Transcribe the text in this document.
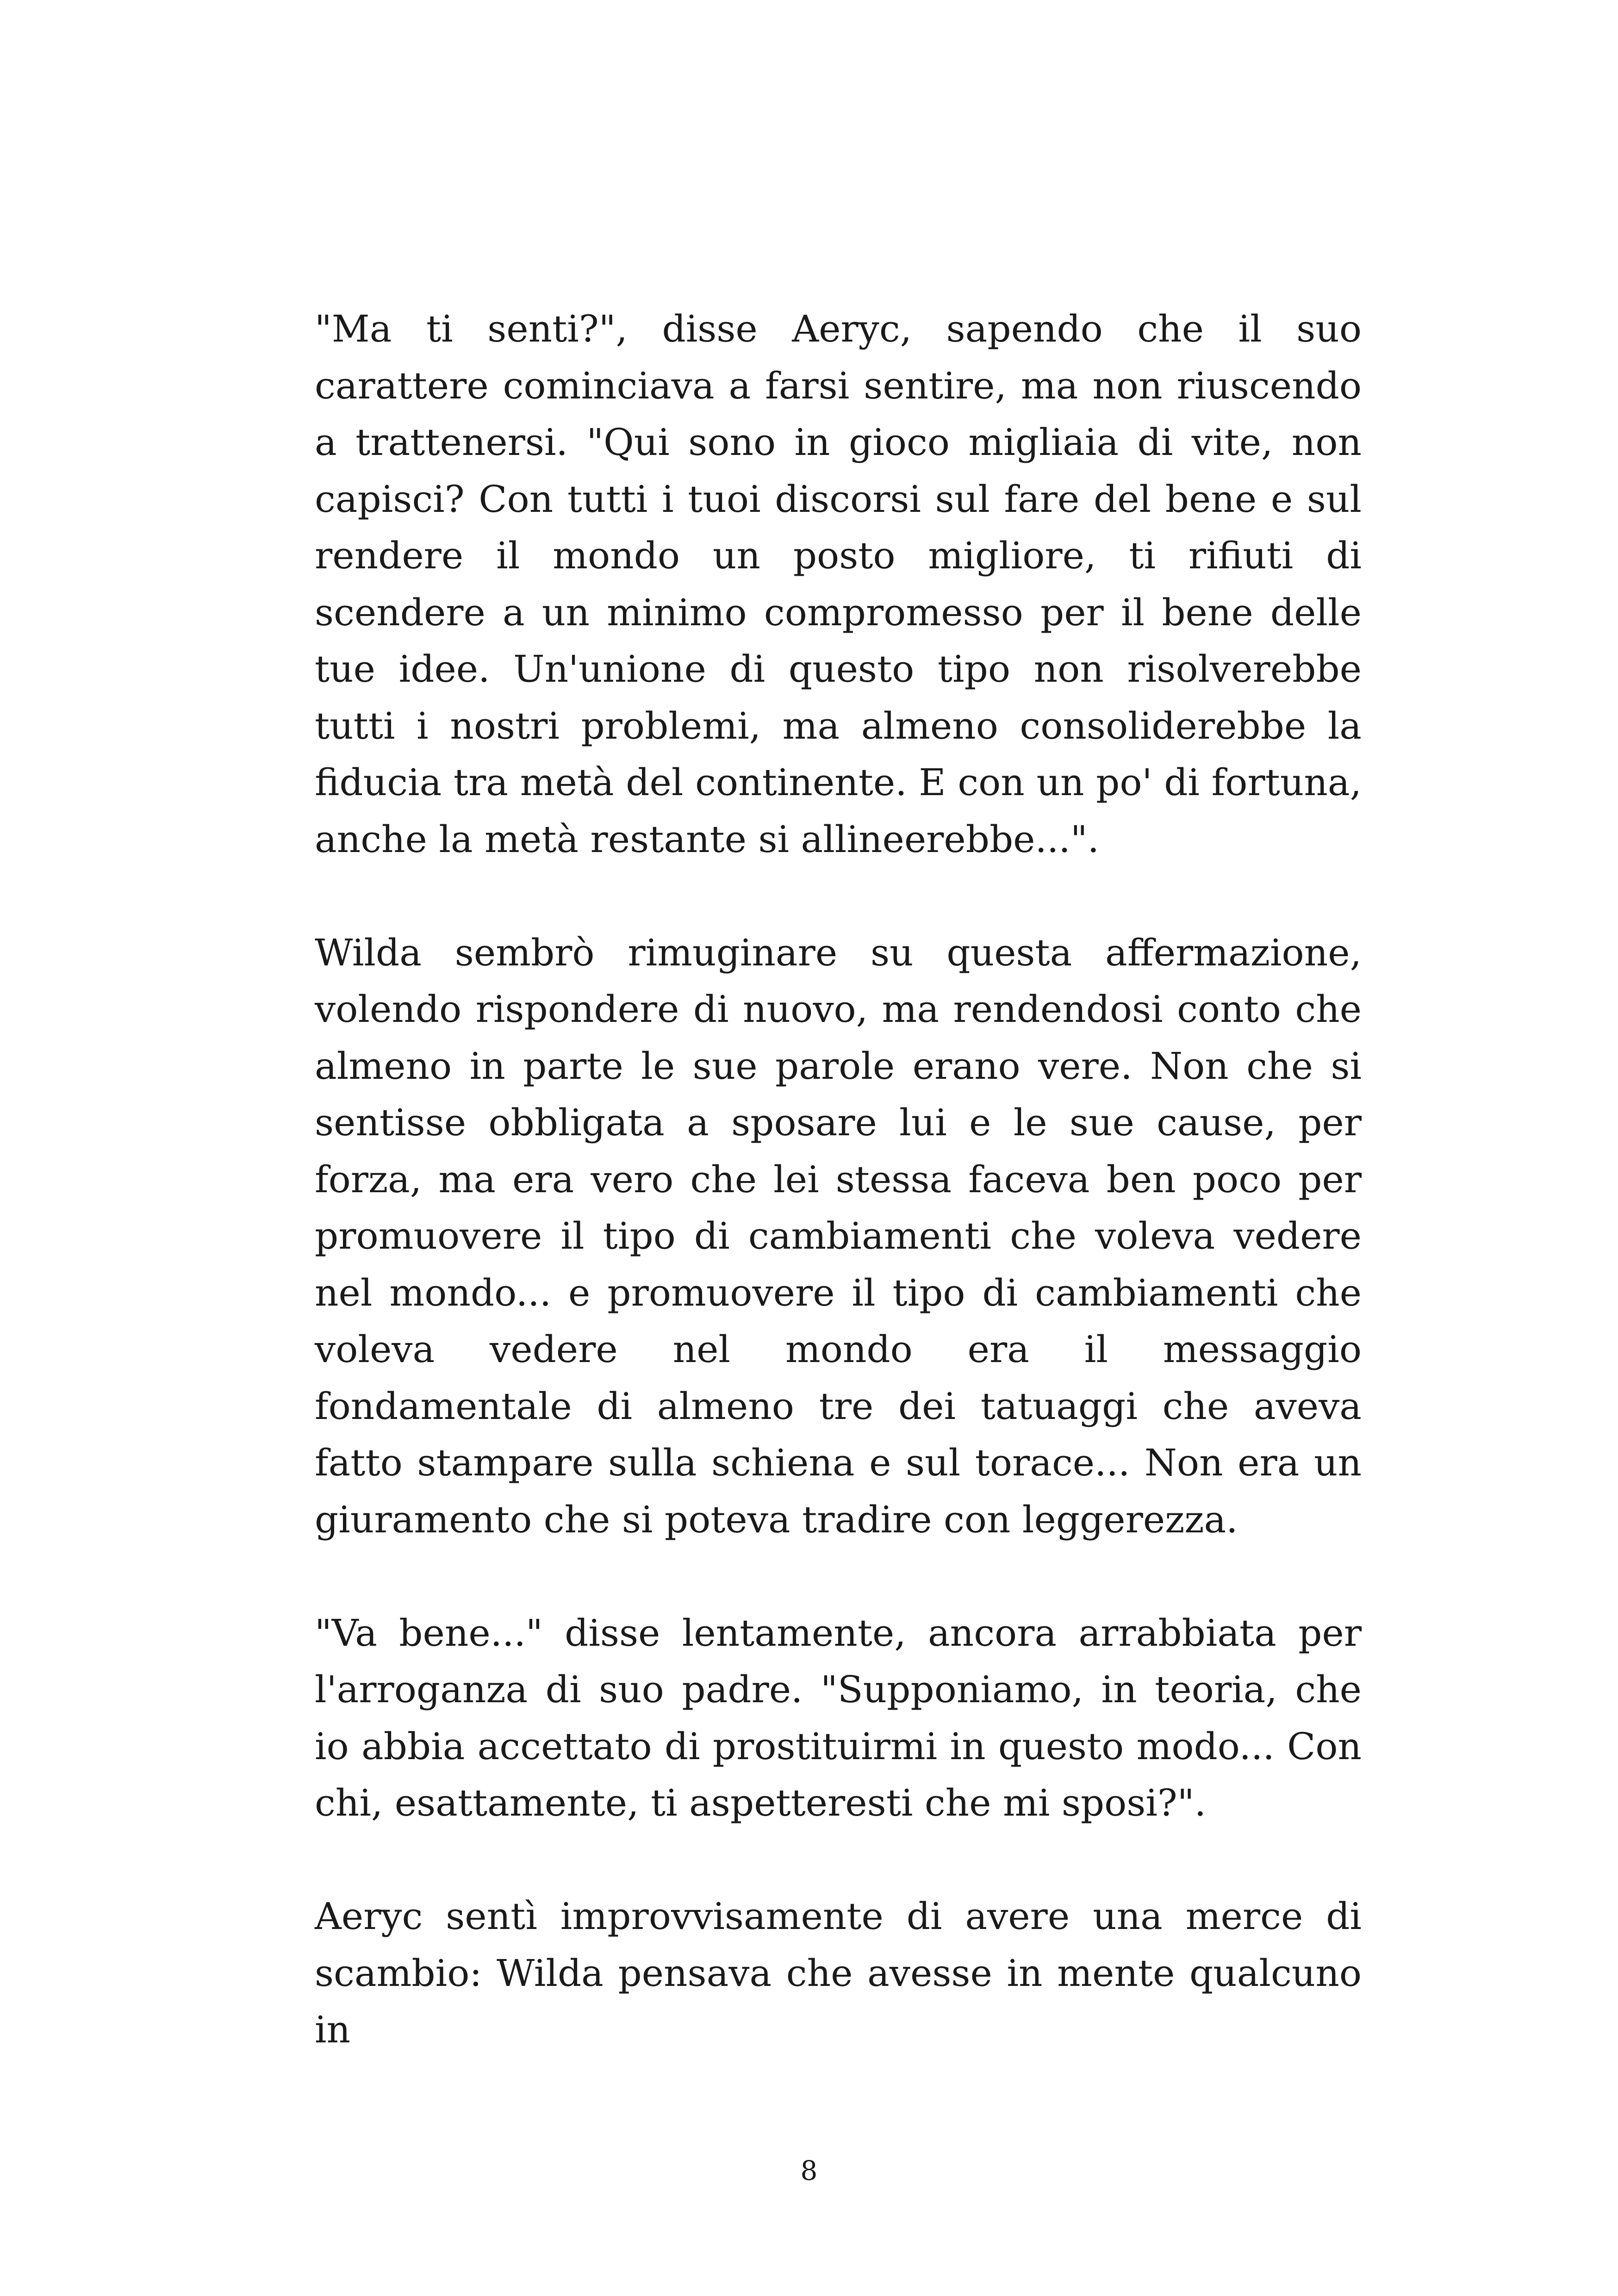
"Ma ti senti?", disse Aeryc, sapendo che il suo carattere cominciava a farsi sentire, ma non riuscendo a trattenersi. "Qui sono in gioco migliaia di vite, non capisci? Con tutti i tuoi discorsi sul fare del bene e sul rendere il mondo un posto migliore, ti rifiuti di scendere a un minimo compromesso per il bene delle tue idee. Un'unione di questo tipo non risolverebbe tutti i nostri problemi, ma almeno consoliderebbe la fiducia tra metà del continente. E con un po' di fortuna, anche la metà restante si allineerebbe...".

Wilda sembrò rimuginare su questa affermazione, volendo rispondere di nuovo, ma rendendosi conto che almeno in parte le sue parole erano vere. Non che si sentisse obbligata a sposare lui e le sue cause, per forza, ma era vero che lei stessa faceva ben poco per promuovere il tipo di cambiamenti che voleva vedere nel mondo... e promuovere il tipo di cambiamenti che voleva vedere nel mondo era il messaggio fondamentale di almeno tre dei tatuaggi che aveva fatto stampare sulla schiena e sul torace... Non era un giuramento che si poteva tradire con leggerezza.

"Va bene..." disse lentamente, ancora arrabbiata per l'arroganza di suo padre. "Supponiamo, in teoria, che io abbia accettato di prostituirmi in questo modo... Con chi, esattamente, ti aspetteresti che mi sposi?".

Aeryc sentì improvvisamente di avere una merce di scambio: Wilda pensava che avesse in mente qualcuno in

8
